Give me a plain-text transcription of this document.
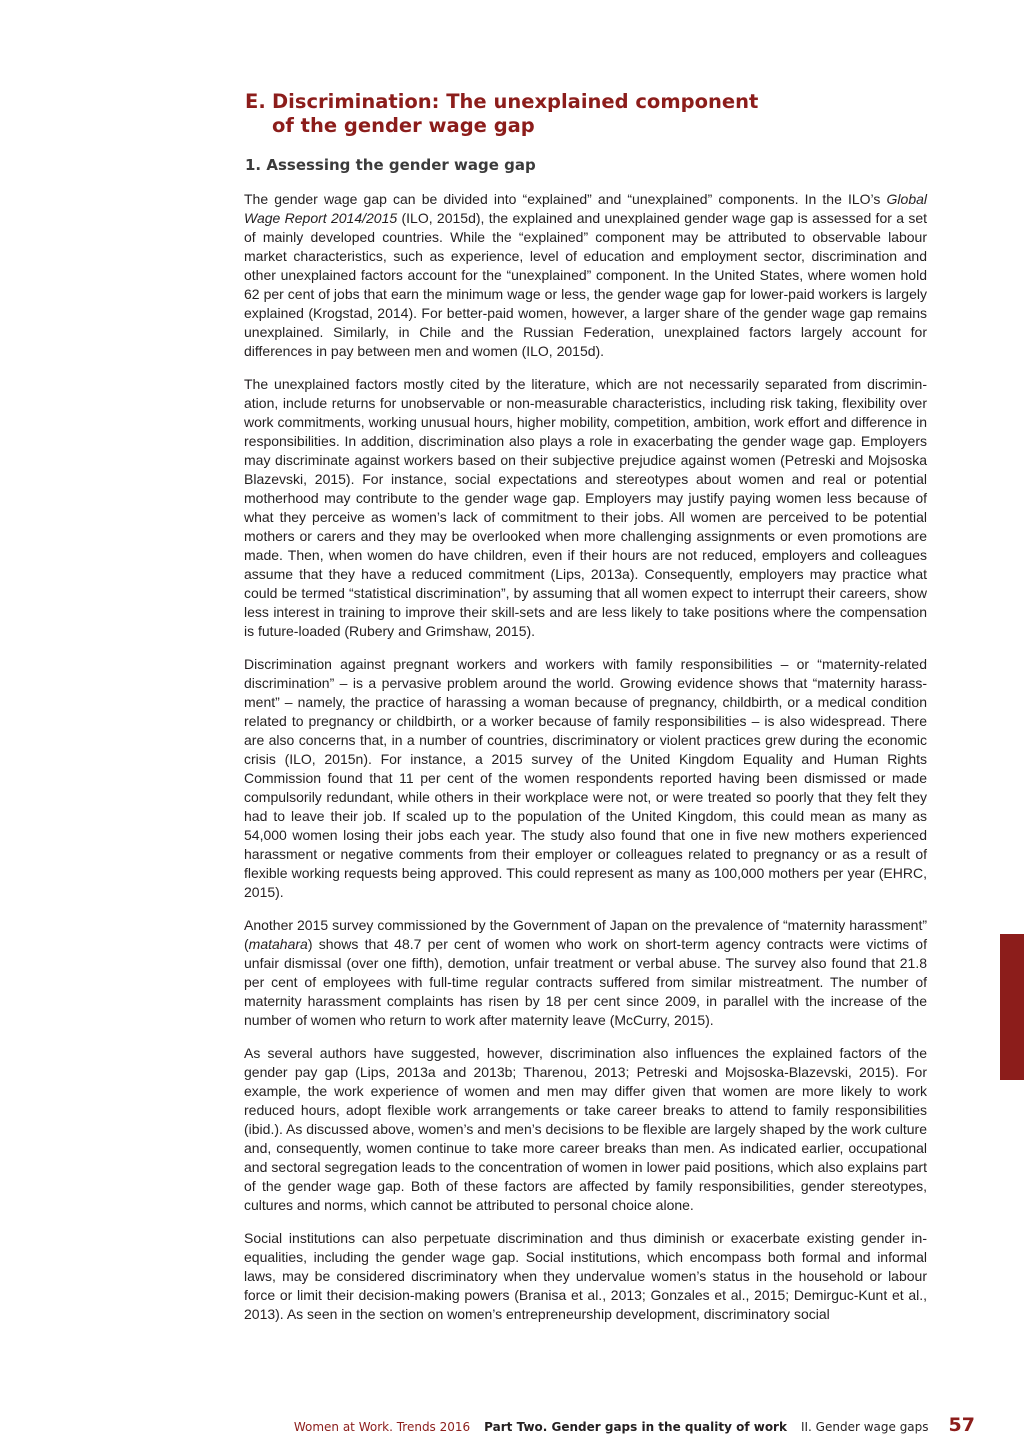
E. Discrimination: The unexplained component
of the gender wage gap
1. Assessing the gender wage gap

The gender wage gap can be divided into “explained” and “unexplained” components. In the ILO’s Global Wage Report 2014/2015 (ILO, 2015d), the explained and unexplained gender wage gap is assessed for a set of mainly developed countries. While the “explained” component may be attributed to observable labour market characteristics, such as experience, level of education and employment sector, discrimination and other unexplained factors account for the “unexplained” component. In the United States, where women hold 62 per cent of jobs that earn the minimum wage or less, the gender wage gap for lower-paid workers is largely explained (Krogstad, 2014). For better-paid women, however, a larger share of the gender wage gap remains unexplained. Similarly, in Chile and the Russian Federation, unexplained factors largely account for differences in pay between men and women (ILO, 2015d).

The unexplained factors mostly cited by the literature, which are not necessarily separated from discrimination, include returns for unobservable or non-measurable characteristics, including risk taking, flexibility over work commitments, working unusual hours, higher mobility, competition, ambition, work effort and difference in responsibilities. In addition, discrimination also plays a role in exacerbating the gender wage gap. Employers may discriminate against workers based on their subjective prejudice against women (Petreski and Mojsoska Blazevski, 2015). For instance, social expectations and stereotypes about women and real or potential motherhood may contribute to the gender wage gap. Employers may justify paying women less because of what they perceive as women’s lack of commitment to their jobs. All women are perceived to be potential mothers or carers and they may be overlooked when more challenging assignments or even promotions are made. Then, when women do have children, even if their hours are not reduced, employers and colleagues assume that they have a reduced commitment (Lips, 2013a). Consequently, employers may practice what could be termed “statistical discrimination”, by assuming that all women expect to interrupt their careers, show less interest in training to improve their skill-sets and are less likely to take positions where the compensation is future-loaded (Rubery and Grimshaw, 2015).

Discrimination against pregnant workers and workers with family responsibilities – or “maternity-related discrimination” – is a pervasive problem around the world. Growing evidence shows that “maternity harassment” – namely, the practice of harassing a woman because of pregnancy, childbirth, or a medical condition related to pregnancy or childbirth, or a worker because of family responsibilities – is also widespread. There are also concerns that, in a number of countries, discriminatory or violent practices grew during the economic crisis (ILO, 2015n). For instance, a 2015 survey of the United Kingdom Equality and Human Rights Commission found that 11 per cent of the women respondents reported having been dismissed or made compulsorily redundant, while others in their workplace were not, or were treated so poorly that they felt they had to leave their job. If scaled up to the population of the United Kingdom, this could mean as many as 54,000 women losing their jobs each year. The study also found that one in five new mothers experienced harassment or negative comments from their employer or colleagues related to pregnancy or as a result of flexible working requests being approved. This could represent as many as 100,000 mothers per year (EHRC, 2015).

Another 2015 survey commissioned by the Government of Japan on the prevalence of “maternity harassment” (matahara) shows that 48.7 per cent of women who work on short-term agency contracts were victims of unfair dismissal (over one fifth), demotion, unfair treatment or verbal abuse. The survey also found that 21.8 per cent of employees with full-time regular contracts suffered from similar mistreatment. The number of maternity harassment complaints has risen by 18 per cent since 2009, in parallel with the increase of the number of women who return to work after maternity leave (McCurry, 2015).

As several authors have suggested, however, discrimination also influences the explained factors of the gender pay gap (Lips, 2013a and 2013b; Tharenou, 2013; Petreski and Mojsoska-Blazevski, 2015). For example, the work experience of women and men may differ given that women are more likely to work reduced hours, adopt flexible work arrangements or take career breaks to attend to family responsibilities (ibid.). As discussed above, women’s and men’s decisions to be flexible are largely shaped by the work culture and, consequently, women continue to take more career breaks than men. As indicated earlier, occupational and sectoral segregation leads to the concentration of women in lower paid positions, which also explains part of the gender wage gap. Both of these factors are affected by family responsibilities, gender stereotypes, cultures and norms, which cannot be attributed to personal choice alone.

Social institutions can also perpetuate discrimination and thus diminish or exacerbate existing gender inequalities, including the gender wage gap. Social institutions, which encompass both formal and informal laws, may be considered discriminatory when they undervalue women’s status in the household or labour force or limit their decision-making powers (Branisa et al., 2013; Gonzales et al., 2015; Demirguc-Kunt et al., 2013). As seen in the section on women’s entrepreneurship development, discriminatory social

Women at Work. Trends 2016 Part Two. Gender gaps in the quality of work II. Gender wage gaps 57
